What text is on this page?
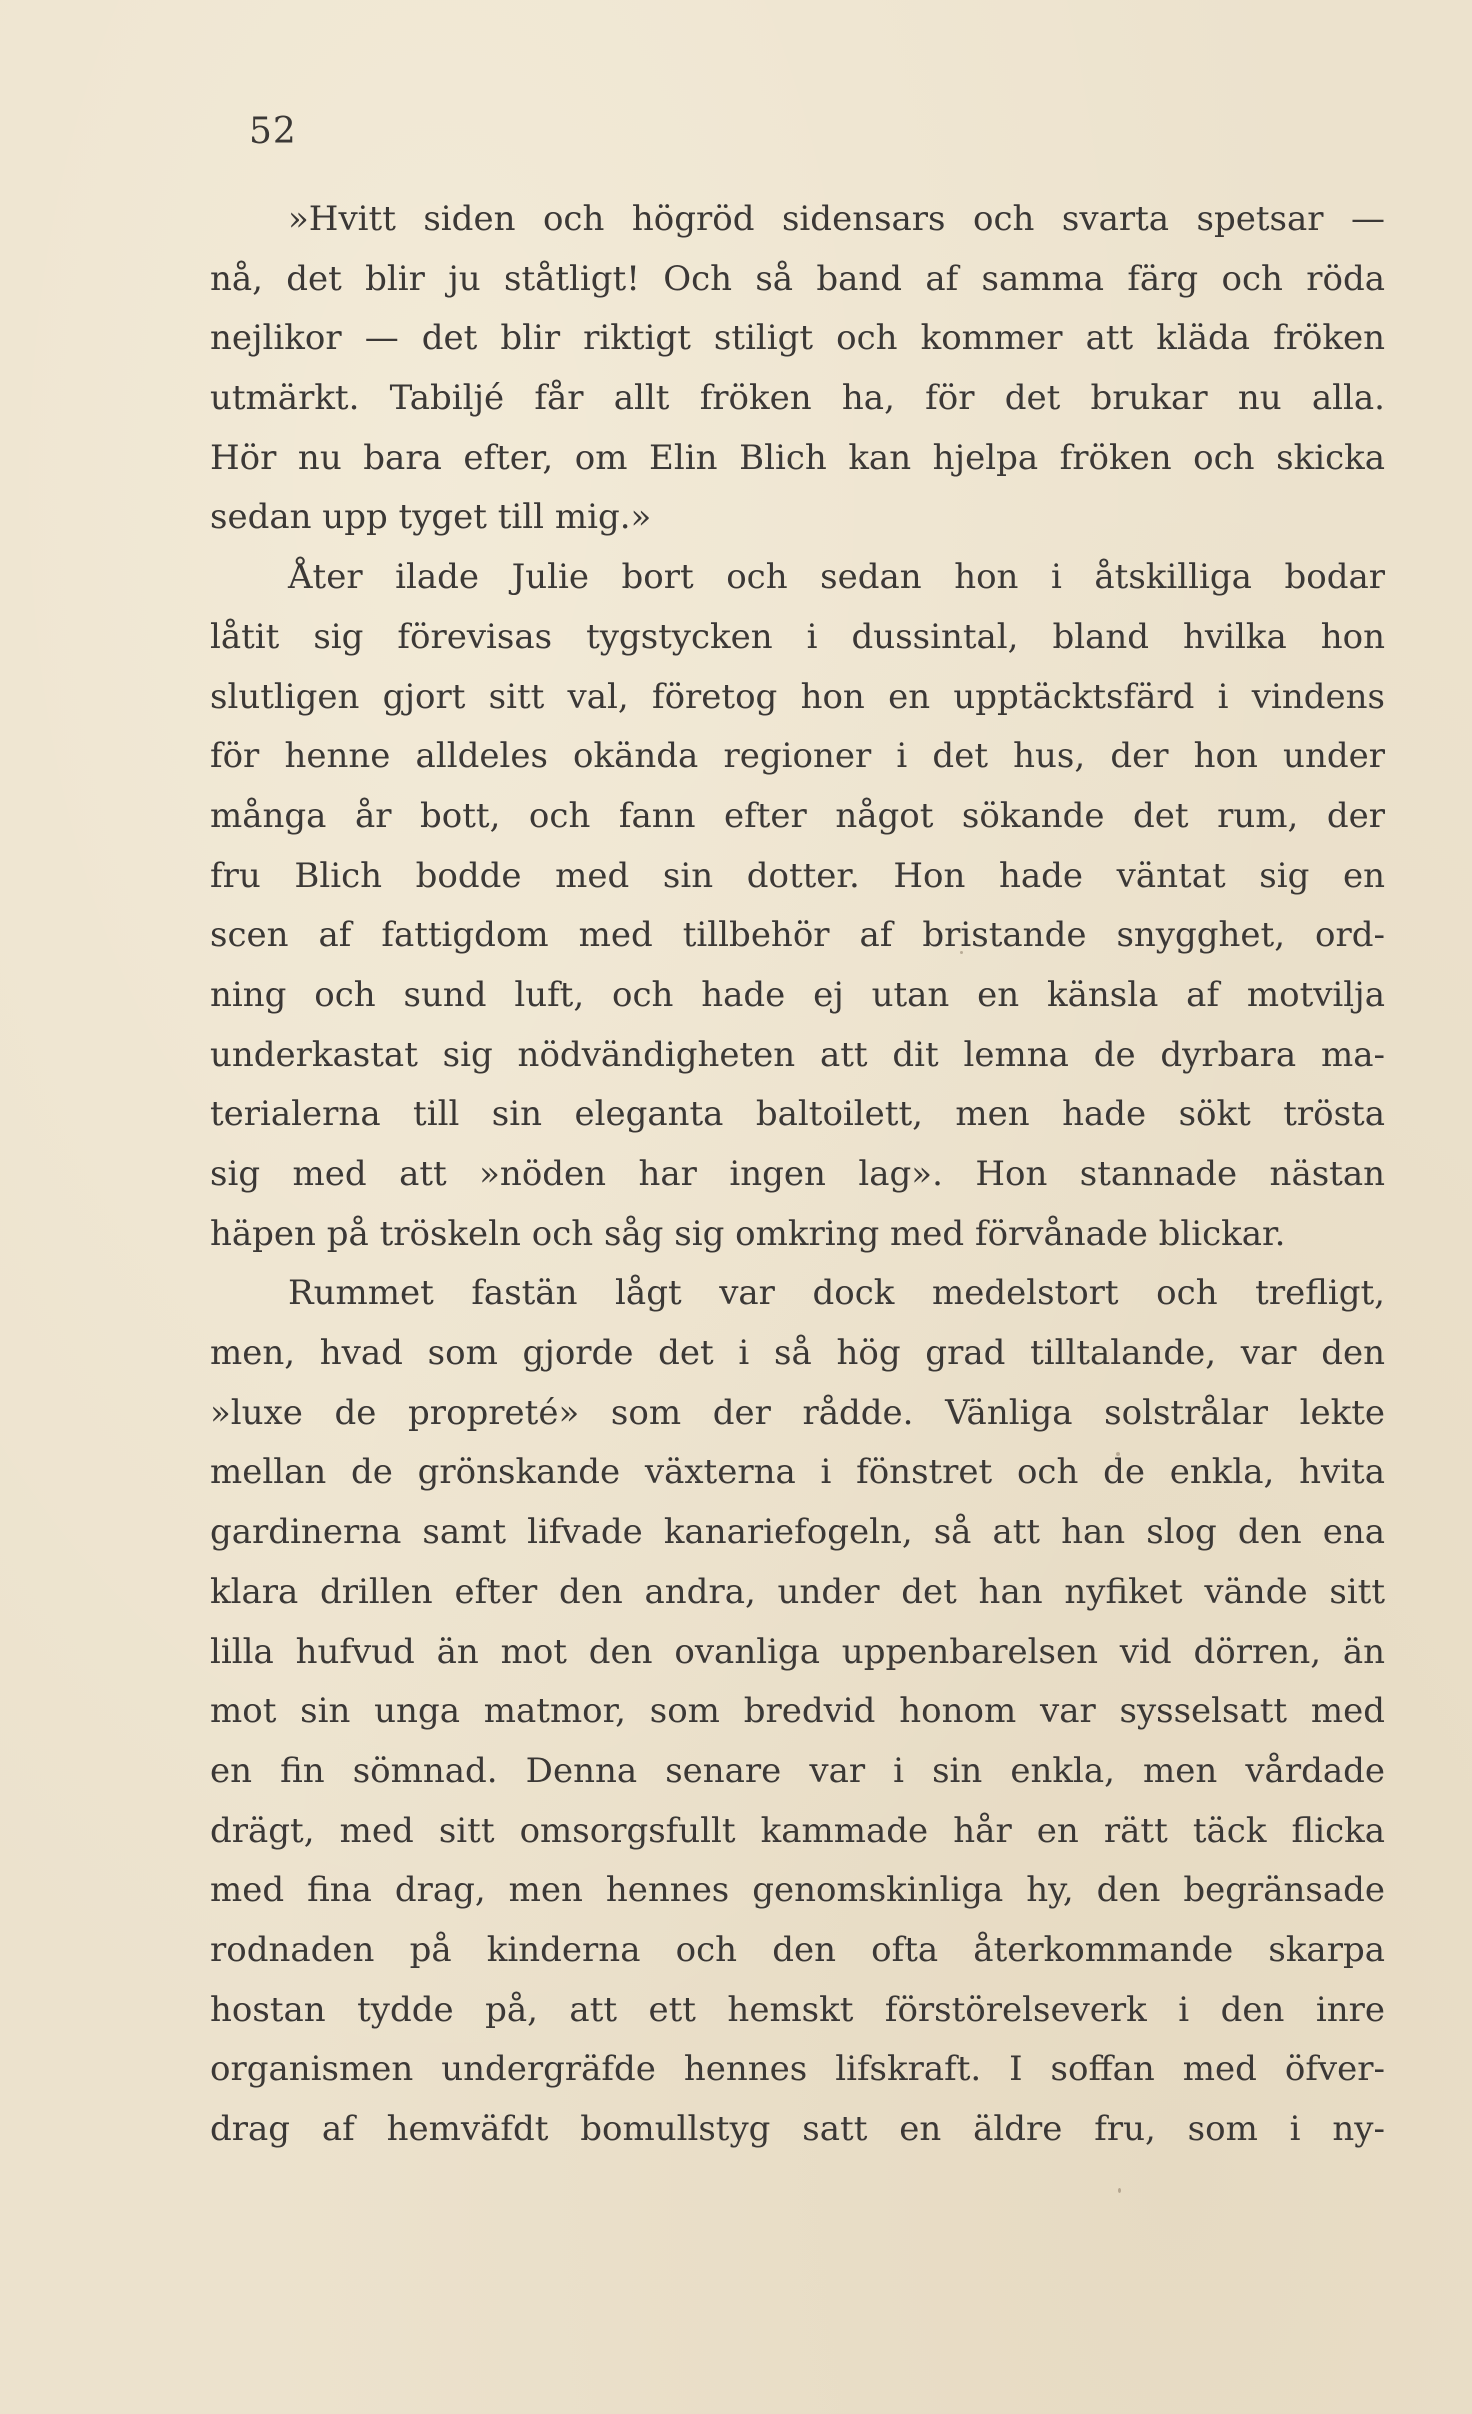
52
»Hvitt siden och högröd sidensars och svarta spetsar —
nå, det blir ju ståtligt! Och så band af samma färg och röda
nejlikor — det blir riktigt stiligt och kommer att kläda fröken
utmärkt. Tabiljé får allt fröken ha, för det brukar nu alla.
Hör nu bara efter, om Elin Blich kan hjelpa fröken och skicka
sedan upp tyget till mig.»
Åter ilade Julie bort och sedan hon i åtskilliga bodar
låtit sig förevisas tygstycken i dussintal, bland hvilka hon
slutligen gjort sitt val, företog hon en upptäcktsfärd i vindens
för henne alldeles okända regioner i det hus, der hon under
många år bott, och fann efter något sökande det rum, der
fru Blich bodde med sin dotter. Hon hade väntat sig en
scen af fattigdom med tillbehör af bristande snygghet, ord-
ning och sund luft, och hade ej utan en känsla af motvilja
underkastat sig nödvändigheten att dit lemna de dyrbara ma-
terialerna till sin eleganta baltoilett, men hade sökt trösta
sig med att »nöden har ingen lag». Hon stannade nästan
häpen på tröskeln och såg sig omkring med förvånade blickar.
Rummet fastän lågt var dock medelstort och trefligt,
men, hvad som gjorde det i så hög grad tilltalande, var den
»luxe de propreté» som der rådde. Vänliga solstrålar lekte
mellan de grönskande växterna i fönstret och de enkla, hvita
gardinerna samt lifvade kanariefogeln, så att han slog den ena
klara drillen efter den andra, under det han nyfiket vände sitt
lilla hufvud än mot den ovanliga uppenbarelsen vid dörren, än
mot sin unga matmor, som bredvid honom var sysselsatt med
en fin sömnad. Denna senare var i sin enkla, men vårdade
drägt, med sitt omsorgsfullt kammade hår en rätt täck flicka
med fina drag, men hennes genomskinliga hy, den begränsade
rodnaden på kinderna och den ofta återkommande skarpa
hostan tydde på, att ett hemskt förstörelseverk i den inre
organismen undergräfde hennes lifskraft. I soffan med öfver-
drag af hemväfdt bomullstyg satt en äldre fru, som i ny-
